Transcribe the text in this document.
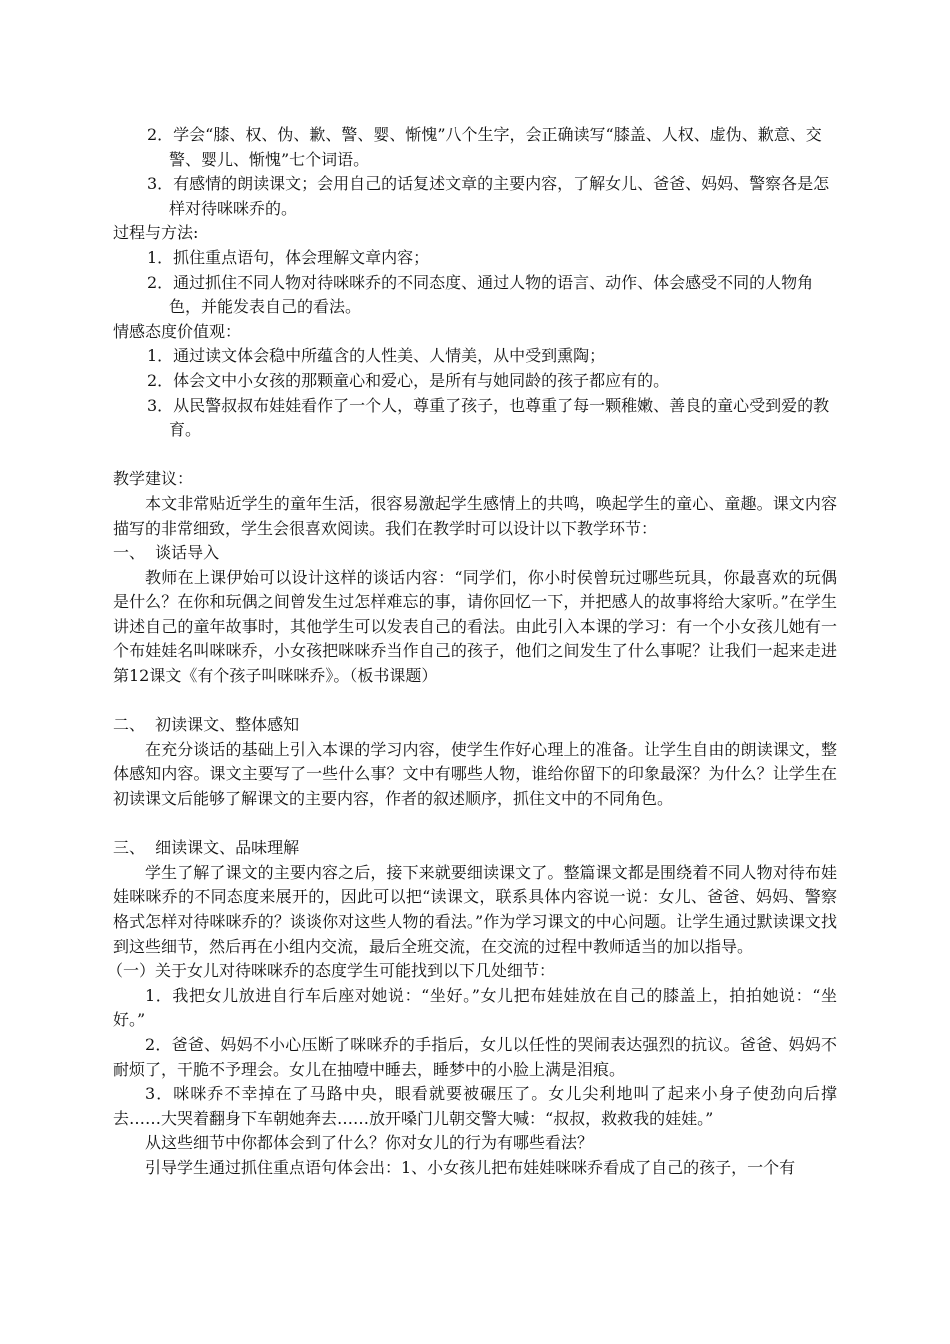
2．学会“膝、权、伪、歉、警、婴、惭愧”八个生字，会正确读写“膝盖、人权、虚伪、歉意、交警、婴儿、惭愧”七个词语。

3．有感情的朗读课文；会用自己的话复述文章的主要内容，了解女儿、爸爸、妈妈、警察各是怎样对待咪咪乔的。

过程与方法:

1．抓住重点语句，体会理解文章内容；

2．通过抓住不同人物对待咪咪乔的不同态度、通过人物的语言、动作、体会感受不同的人物角色，并能发表自己的看法。

情感态度价值观：

1．通过读文体会稳中所蕴含的人性美、人情美，从中受到熏陶；

2．体会文中小女孩的那颗童心和爱心，是所有与她同龄的孩子都应有的。

3．从民警叔叔布娃娃看作了一个人，尊重了孩子，也尊重了每一颗稚嫩、善良的童心受到爱的教育。

教学建议：

本文非常贴近学生的童年生活，很容易激起学生感情上的共鸣，唤起学生的童心、童趣。课文内容描写的非常细致，学生会很喜欢阅读。我们在教学时可以设计以下教学环节：

一、  谈话导入

教师在上课伊始可以设计这样的谈话内容：“同学们，你小时侯曾玩过哪些玩具，你最喜欢的玩偶是什么？在你和玩偶之间曾发生过怎样难忘的事，请你回忆一下，并把感人的故事将给大家听。”在学生讲述自己的童年故事时，其他学生可以发表自己的看法。由此引入本课的学习：有一个小女孩儿她有一个布娃娃名叫咪咪乔，小女孩把咪咪乔当作自己的孩子，他们之间发生了什么事呢？让我们一起来走进第12课文《有个孩子叫咪咪乔》。（板书课题）

二、  初读课文、整体感知

在充分谈话的基础上引入本课的学习内容，使学生作好心理上的准备。让学生自由的朗读课文，整体感知内容。课文主要写了一些什么事？文中有哪些人物，谁给你留下的印象最深？为什么？让学生在初读课文后能够了解课文的主要内容，作者的叙述顺序，抓住文中的不同角色。

三、  细读课文、品味理解

学生了解了课文的主要内容之后，接下来就要细读课文了。整篇课文都是围绕着不同人物对待布娃娃咪咪乔的不同态度来展开的，因此可以把“读课文，联系具体内容说一说：女儿、爸爸、妈妈、警察格式怎样对待咪咪乔的？谈谈你对这些人物的看法。”作为学习课文的中心问题。让学生通过默读课文找到这些细节，然后再在小组内交流，最后全班交流，在交流的过程中教师适当的加以指导。

（一）关于女儿对待咪咪乔的态度学生可能找到以下几处细节：

1．我把女儿放进自行车后座对她说：“坐好。”女儿把布娃娃放在自己的膝盖上，拍拍她说：“坐好。”

2．爸爸、妈妈不小心压断了咪咪乔的手指后，女儿以任性的哭闹表达强烈的抗议。爸爸、妈妈不耐烦了，干脆不予理会。女儿在抽噎中睡去，睡梦中的小脸上满是泪痕。

3．咪咪乔不幸掉在了马路中央，眼看就要被碾压了。女儿尖利地叫了起来小身子使劲向后撑去……大哭着翻身下车朝她奔去……放开嗓门儿朝交警大喊：“叔叔，救救我的娃娃。”

从这些细节中你都体会到了什么？你对女儿的行为有哪些看法？

引导学生通过抓住重点语句体会出：1、小女孩儿把布娃娃咪咪乔看成了自己的孩子，一个有
